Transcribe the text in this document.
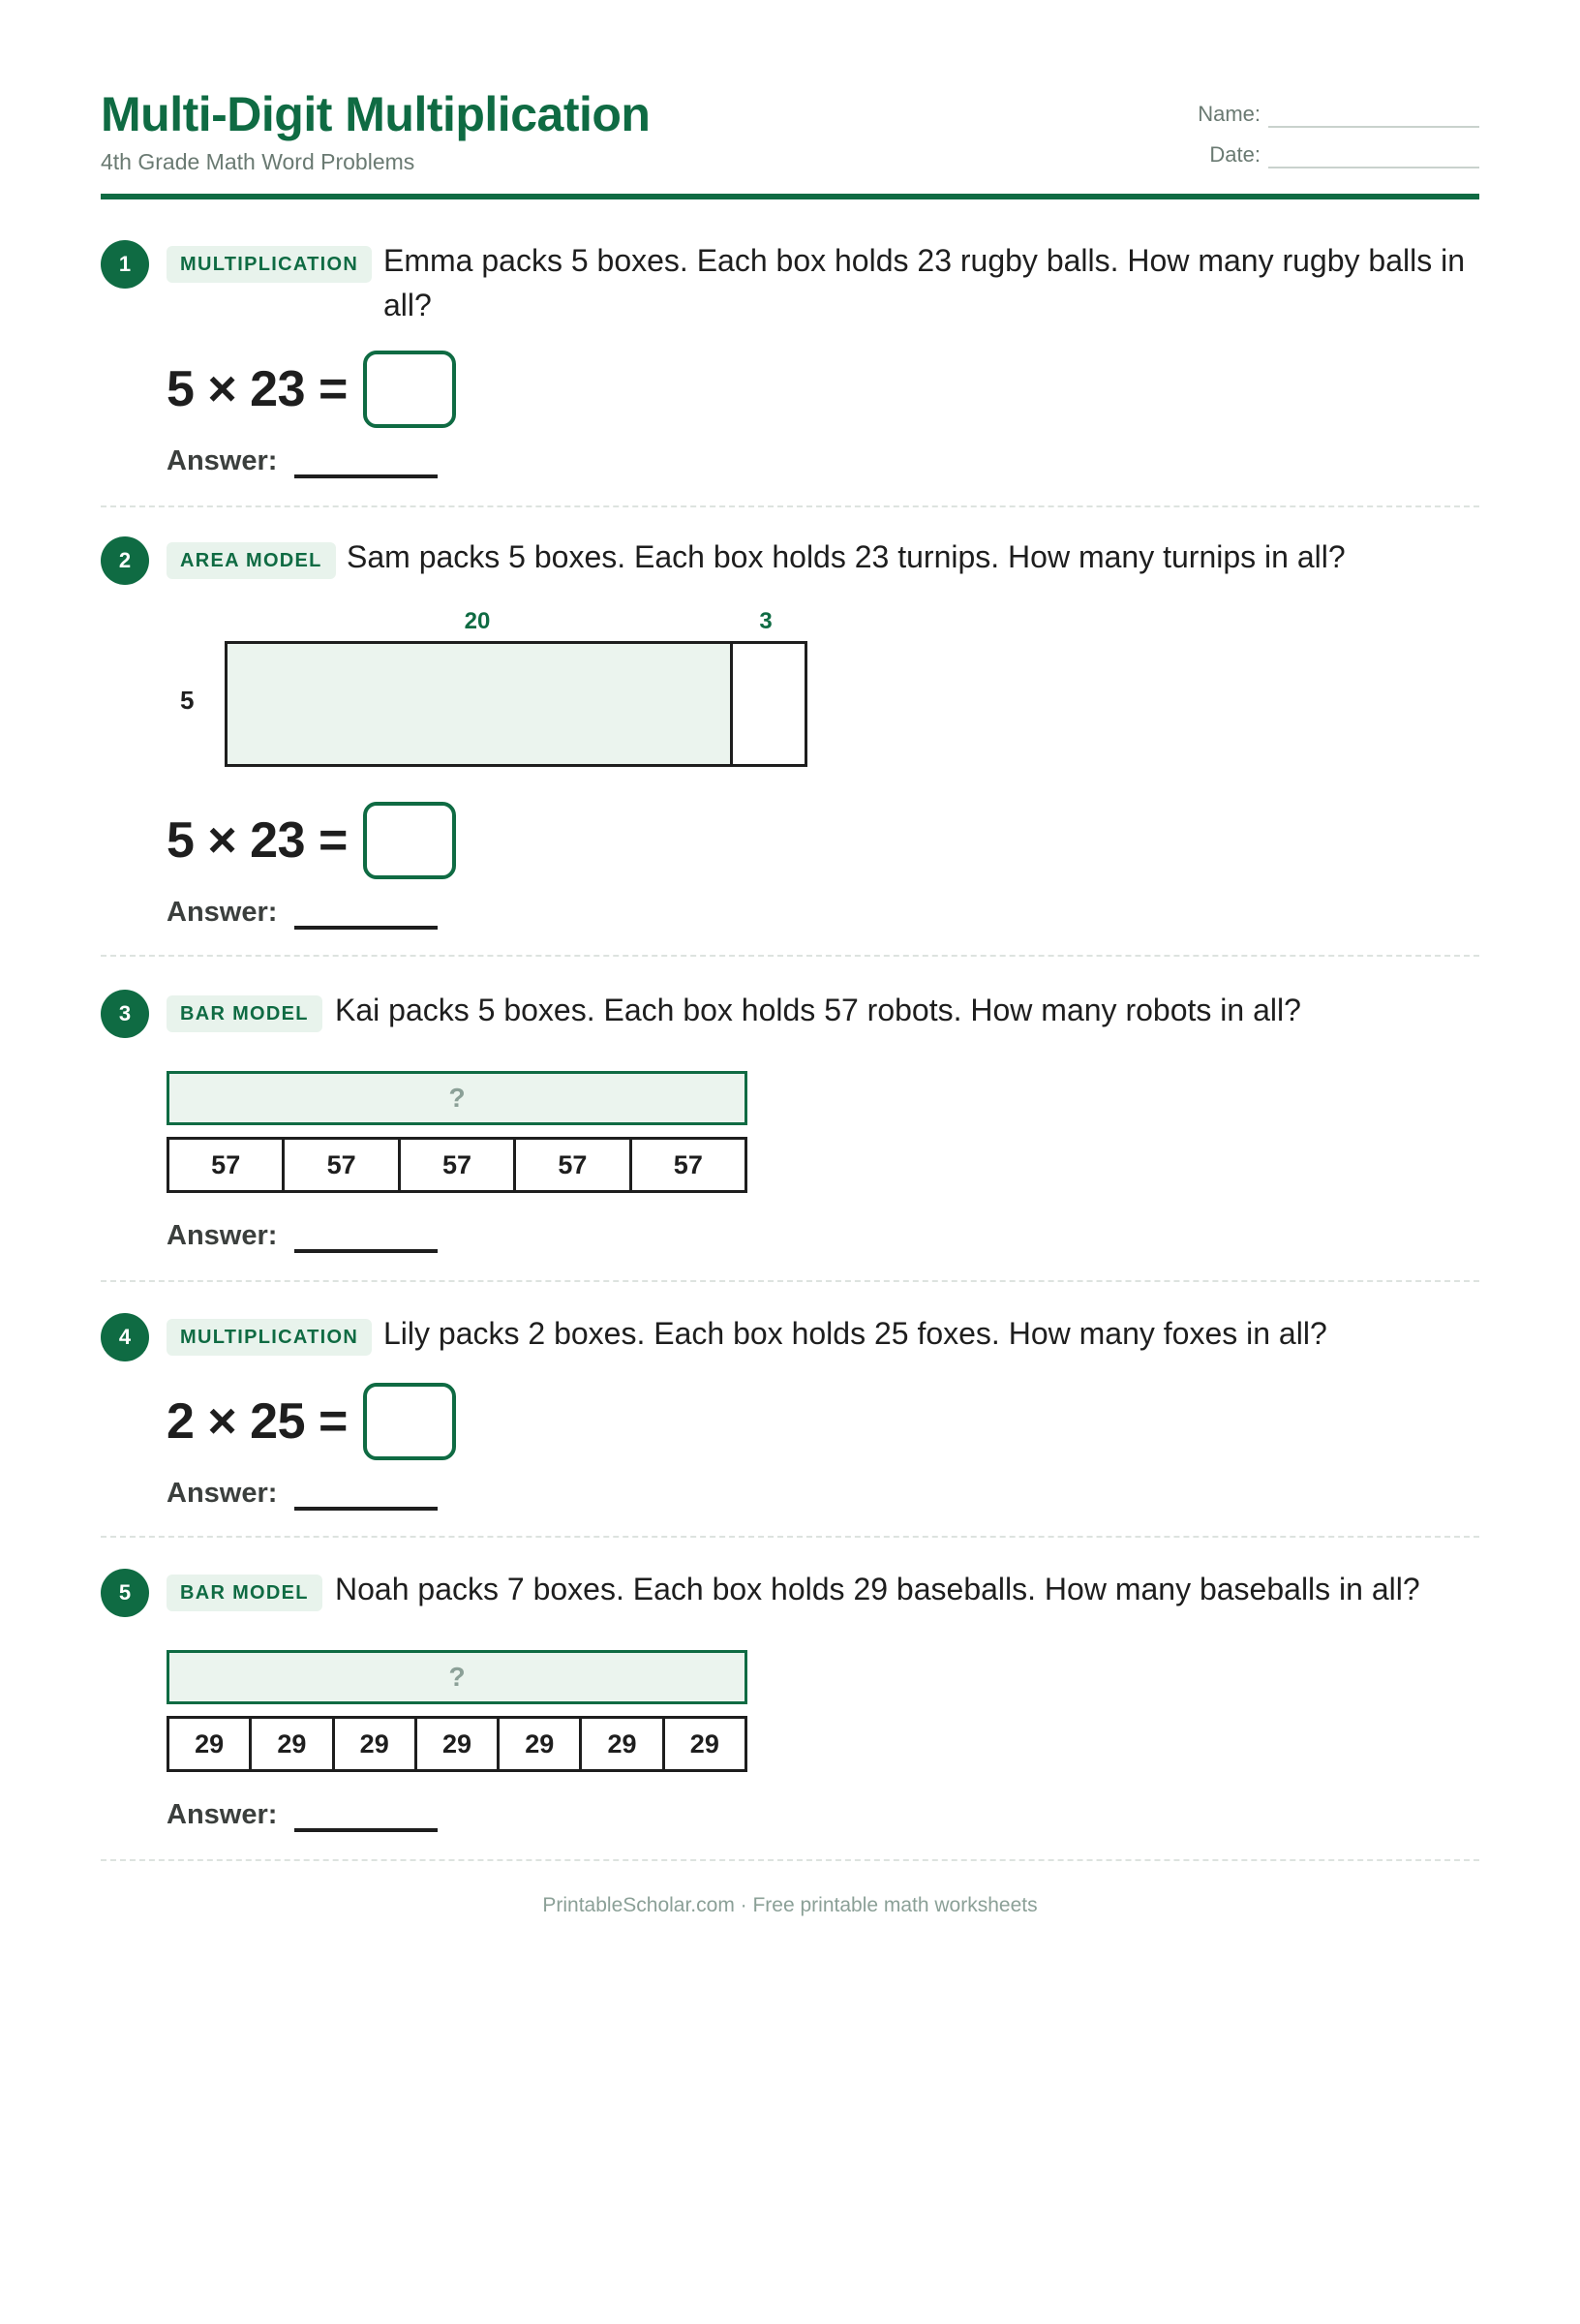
Multi-Digit Multiplication
4th Grade Math Word Problems
Name:
Date:
1	MULTIPLICATION Emma packs 5 boxes. Each box holds 23 rugby balls. How many rugby balls in all?
5 × 23 =
Answer:
2	AREA MODEL Sam packs 5 boxes. Each box holds 23 turnips. How many turnips in all?
20	3
5
5 × 23 =
Answer:
3	BAR MODEL Kai packs 5 boxes. Each box holds 57 robots. How many robots in all?
?
57	57	57	57	57
Answer:
4	MULTIPLICATION Lily packs 2 boxes. Each box holds 25 foxes. How many foxes in all?
2 × 25 =
Answer:
5	BAR MODEL Noah packs 7 boxes. Each box holds 29 baseballs. How many baseballs in all?
?
29	29	29	29	29	29	29
Answer:
PrintableScholar.com · Free printable math worksheets
